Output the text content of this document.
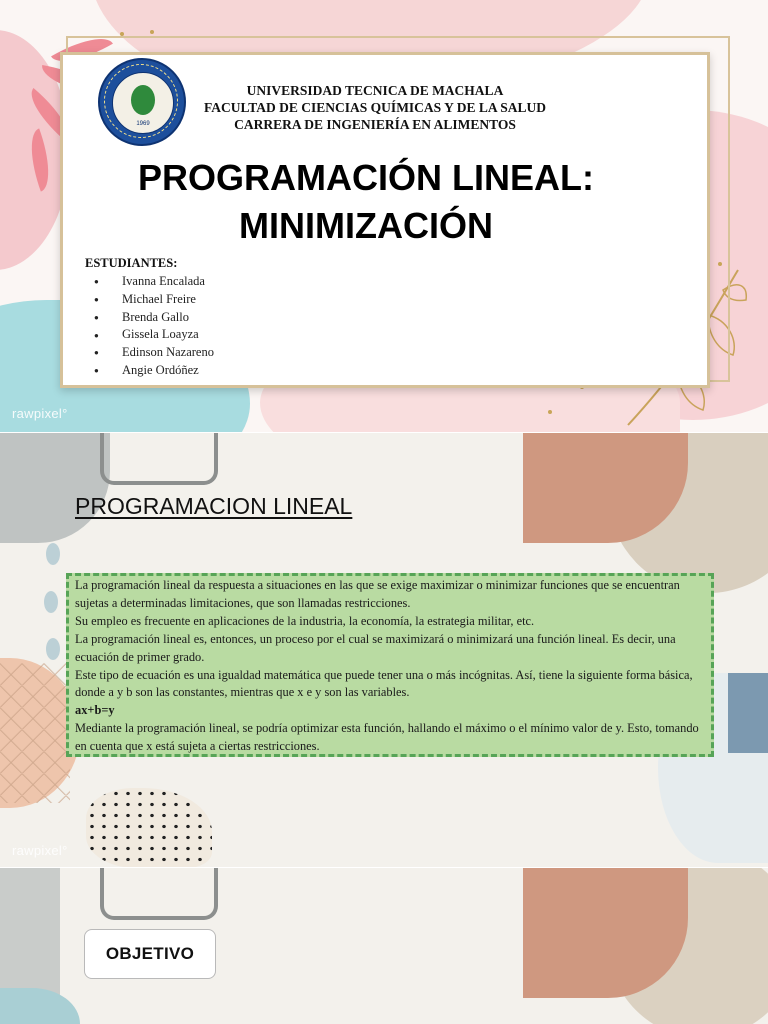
1969
UNIVERSIDAD TECNICA DE MACHALA
FACULTAD DE CIENCIAS QUÍMICAS Y DE LA SALUD
CARRERA DE INGENIERÍA EN ALIMENTOS
PROGRAMACIÓN LINEAL:
MINIMIZACIÓN
ESTUDIANTES:
● Ivanna Encalada
● Michael Freire
● Brenda Gallo
● Gissela Loayza
● Edinson Nazareno
● Angie Ordóñez
rawpixel°
PROGRAMACION LINEAL

La programación lineal da respuesta a situaciones en las que se exige maximizar o minimizar funciones que se encuentran sujetas a determinadas limitaciones, que son llamadas restricciones.

Su empleo es frecuente en aplicaciones de la industria, la economía, la estrategia militar, etc.

La programación lineal es, entonces, un proceso por el cual se maximizará o minimizará una función lineal. Es decir, una ecuación de primer grado.

Este tipo de ecuación es una igualdad matemática que puede tener una o más incógnitas. Así, tiene la siguiente forma básica, donde a y b son las constantes, mientras que x e y son las variables.

ax+b=y

Mediante la programación lineal, se podría optimizar esta función, hallando el máximo o el mínimo valor de y. Esto, tomando en cuenta que x está sujeta a ciertas restricciones.

rawpixel°
OBJETIVO
